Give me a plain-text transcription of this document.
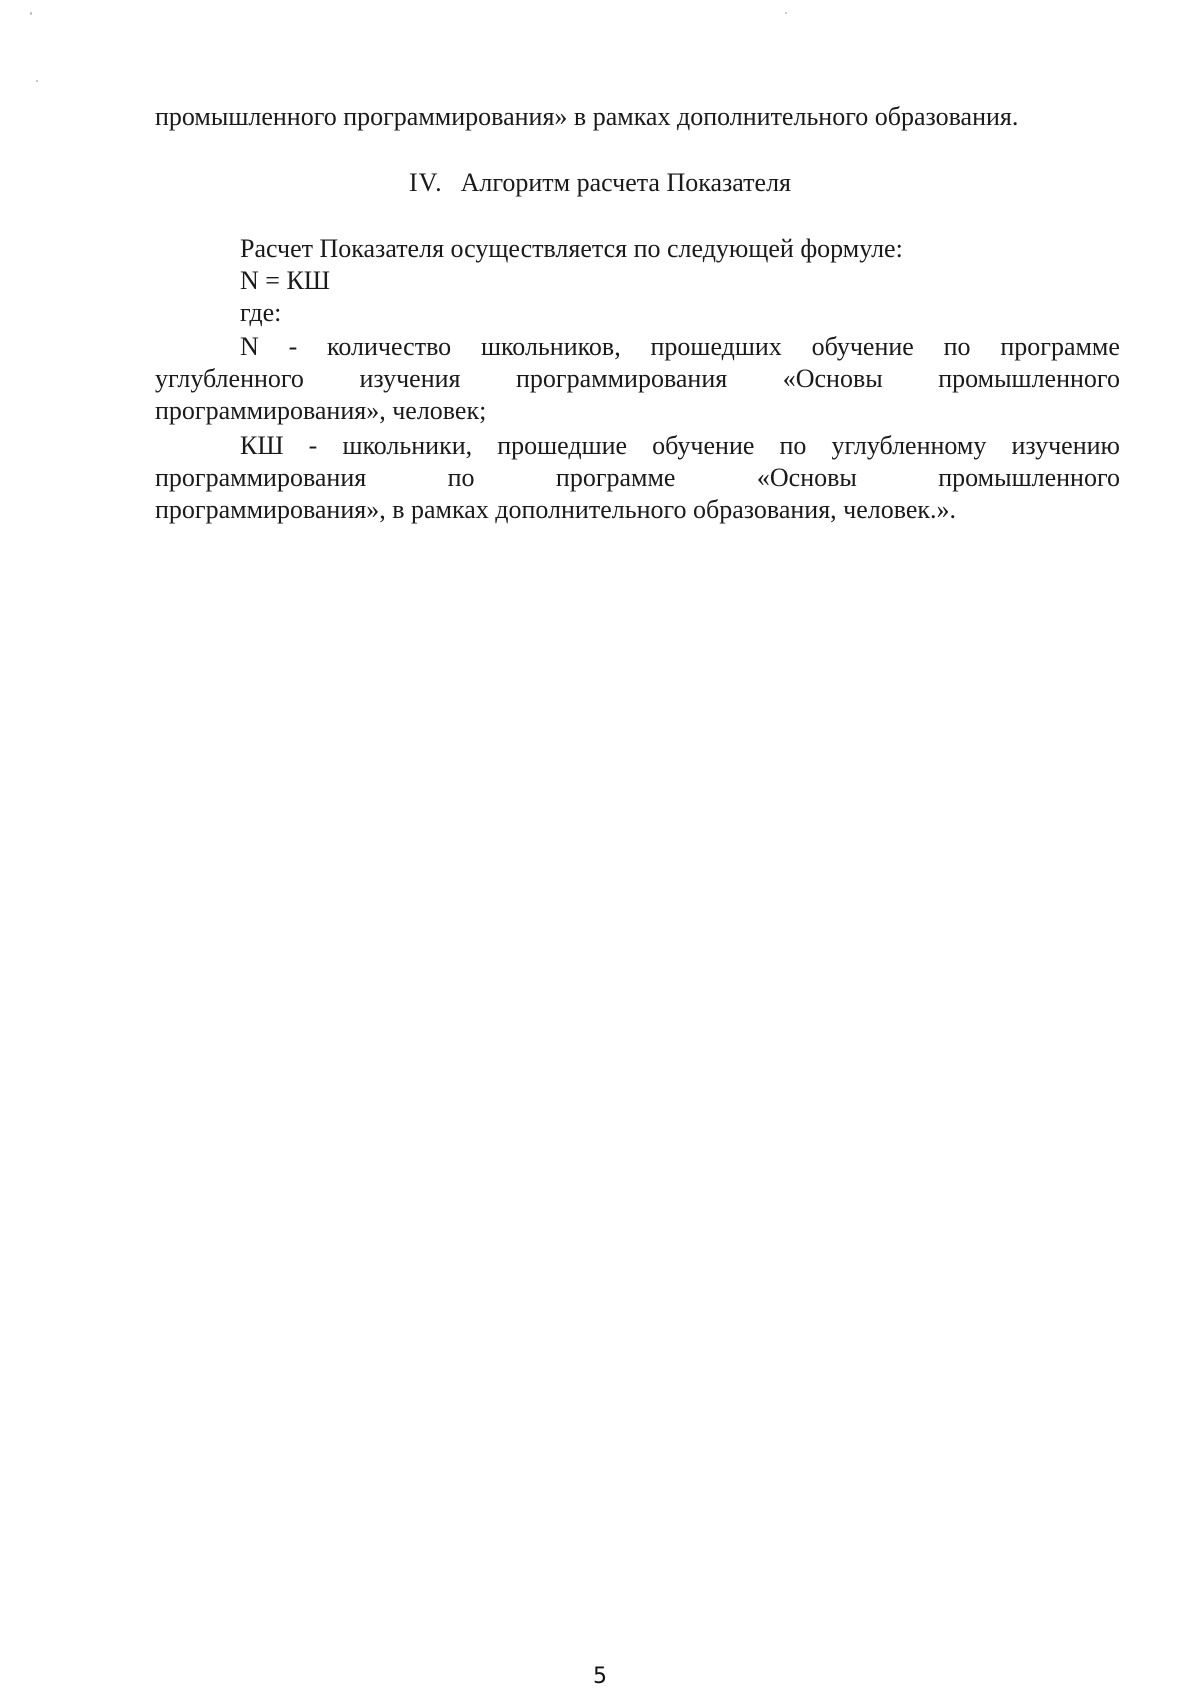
промышленного программирования» в рамках дополнительного образования.
IV. Алгоритм расчета Показателя
Расчет Показателя осуществляется по следующей формуле:
N = КШ
где:
N - количество школьников, прошедших обучение по программе
углубленного изучения программирования «Основы промышленного
программирования», человек;
КШ - школьники, прошедшие обучение по углубленному изучению
программирования	по	программе	«Основы	промышленного
программирования», в рамках дополнительного образования, человек.».
5
